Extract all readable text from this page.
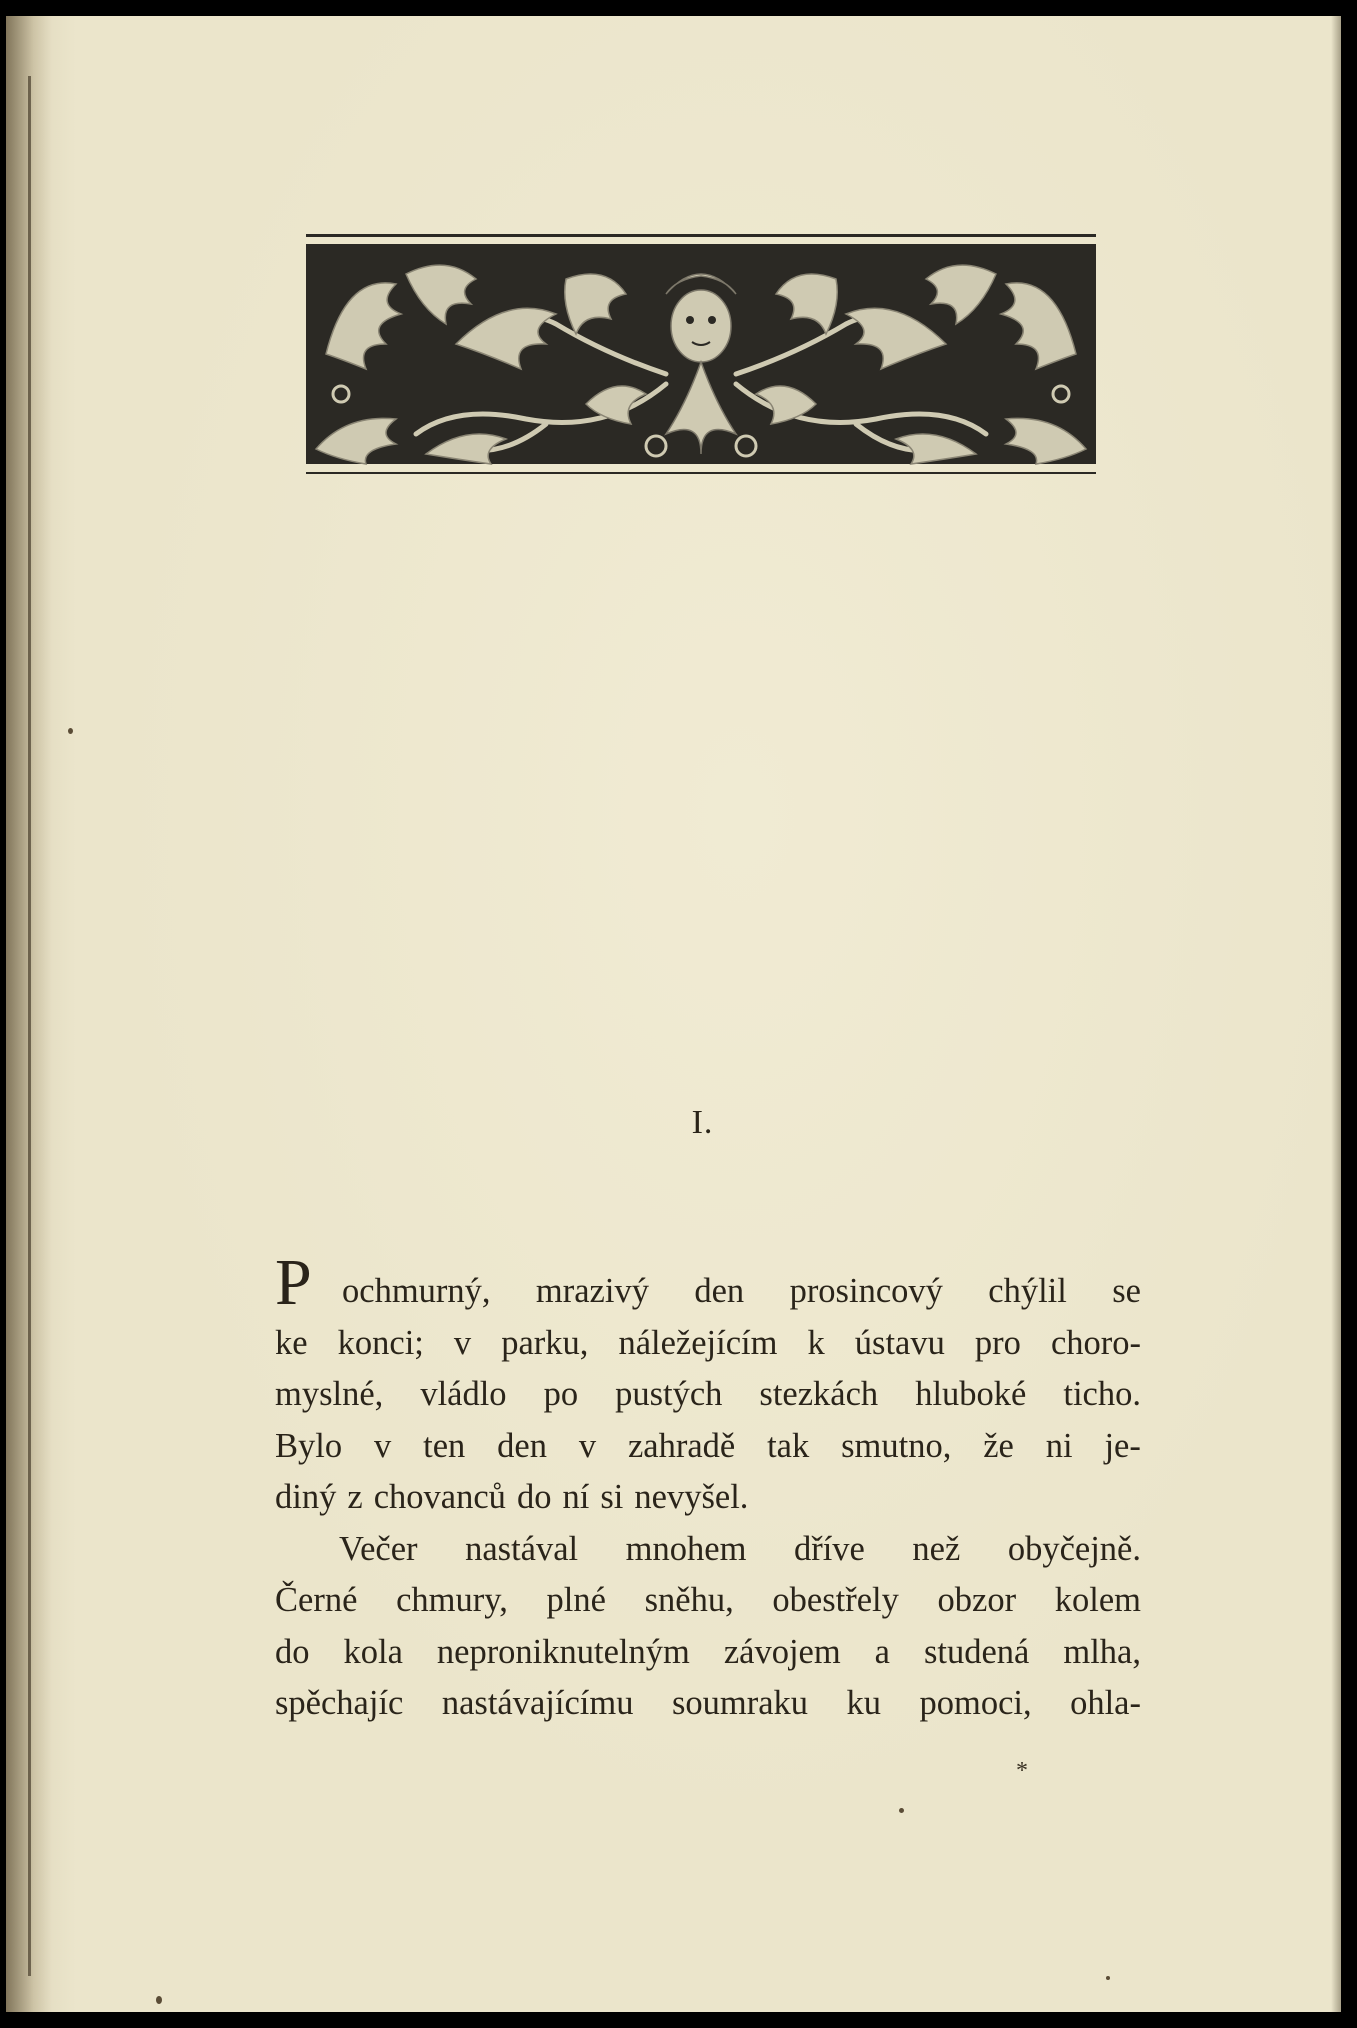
I.
P ochmurný, mrazivý den prosincový chýlil se
ke konci; v parku, náležejícím k ústavu pro choro-
myslné, vládlo po pustých stezkách hluboké ticho.
Bylo v ten den v zahradě tak smutno, že ni je-
diný z chovanců do ní si nevyšel.
Večer nastával mnohem dříve než obyčejně.
Černé chmury, plné sněhu, obestřely obzor kolem
do kola neproniknutelným závojem a studená mlha,
spěchajíc nastávajícímu soumraku ku pomoci, ohla-
*
